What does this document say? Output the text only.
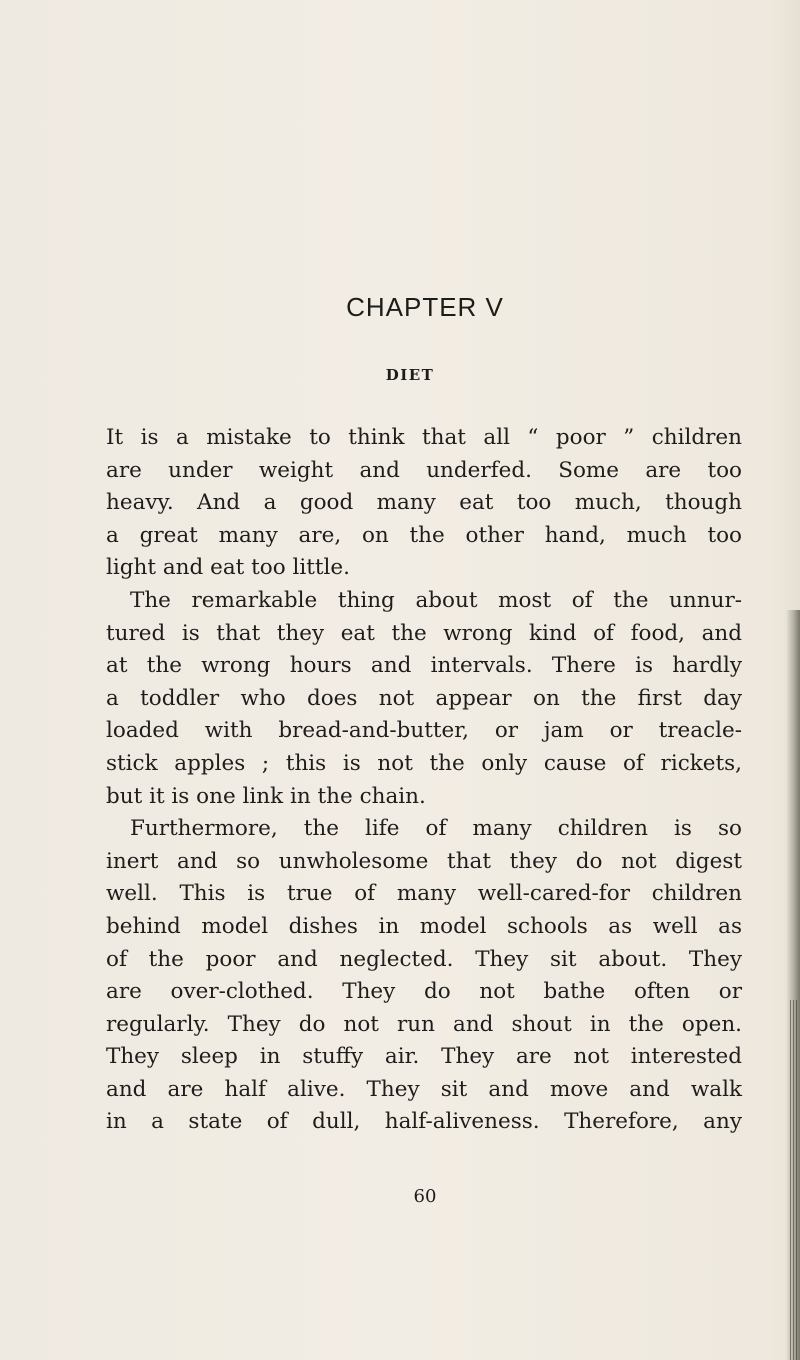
CHAPTER V
DIET
It is a mistake to think that all “ poor ” children
are under weight and underfed. Some are too
heavy. And a good many eat too much, though
a great many are, on the other hand, much too
light and eat too little.
The remarkable thing about most of the unnur-
tured is that they eat the wrong kind of food, and
at the wrong hours and intervals. There is hardly
a toddler who does not appear on the first day
loaded with bread-and-butter, or jam or treacle-
stick apples ; this is not the only cause of rickets,
but it is one link in the chain.
Furthermore, the life of many children is so
inert and so unwholesome that they do not digest
well. This is true of many well-cared-for children
behind model dishes in model schools as well as
of the poor and neglected. They sit about. They
are over-clothed. They do not bathe often or
regularly. They do not run and shout in the open.
They sleep in stuffy air. They are not interested
and are half alive. They sit and move and walk
in a state of dull, half-aliveness. Therefore, any
60
